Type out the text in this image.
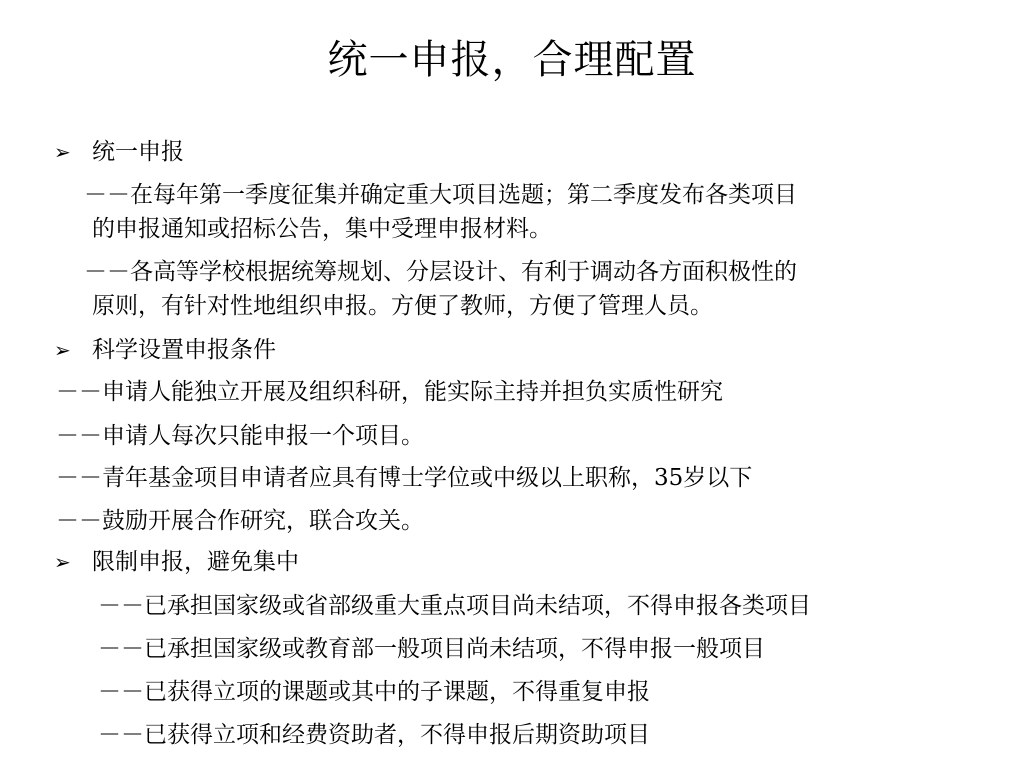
统一申报，合理配置
➢ 统一申报
－－在每年第一季度征集并确定重大项目选题；第二季度发布各类项目
的申报通知或招标公告，集中受理申报材料。
－－各高等学校根据统筹规划、分层设计、有利于调动各方面积极性的
原则，有针对性地组织申报。方便了教师，方便了管理人员。
➢ 科学设置申报条件
－－申请人能独立开展及组织科研，能实际主持并担负实质性研究
－－申请人每次只能申报一个项目。
－－青年基金项目申请者应具有博士学位或中级以上职称，35岁以下
－－鼓励开展合作研究，联合攻关。
➢ 限制申报，避免集中
－－已承担国家级或省部级重大重点项目尚未结项，不得申报各类项目
－－已承担国家级或教育部一般项目尚未结项，不得申报一般项目
－－已获得立项的课题或其中的子课题，不得重复申报
－－已获得立项和经费资助者，不得申报后期资助项目
